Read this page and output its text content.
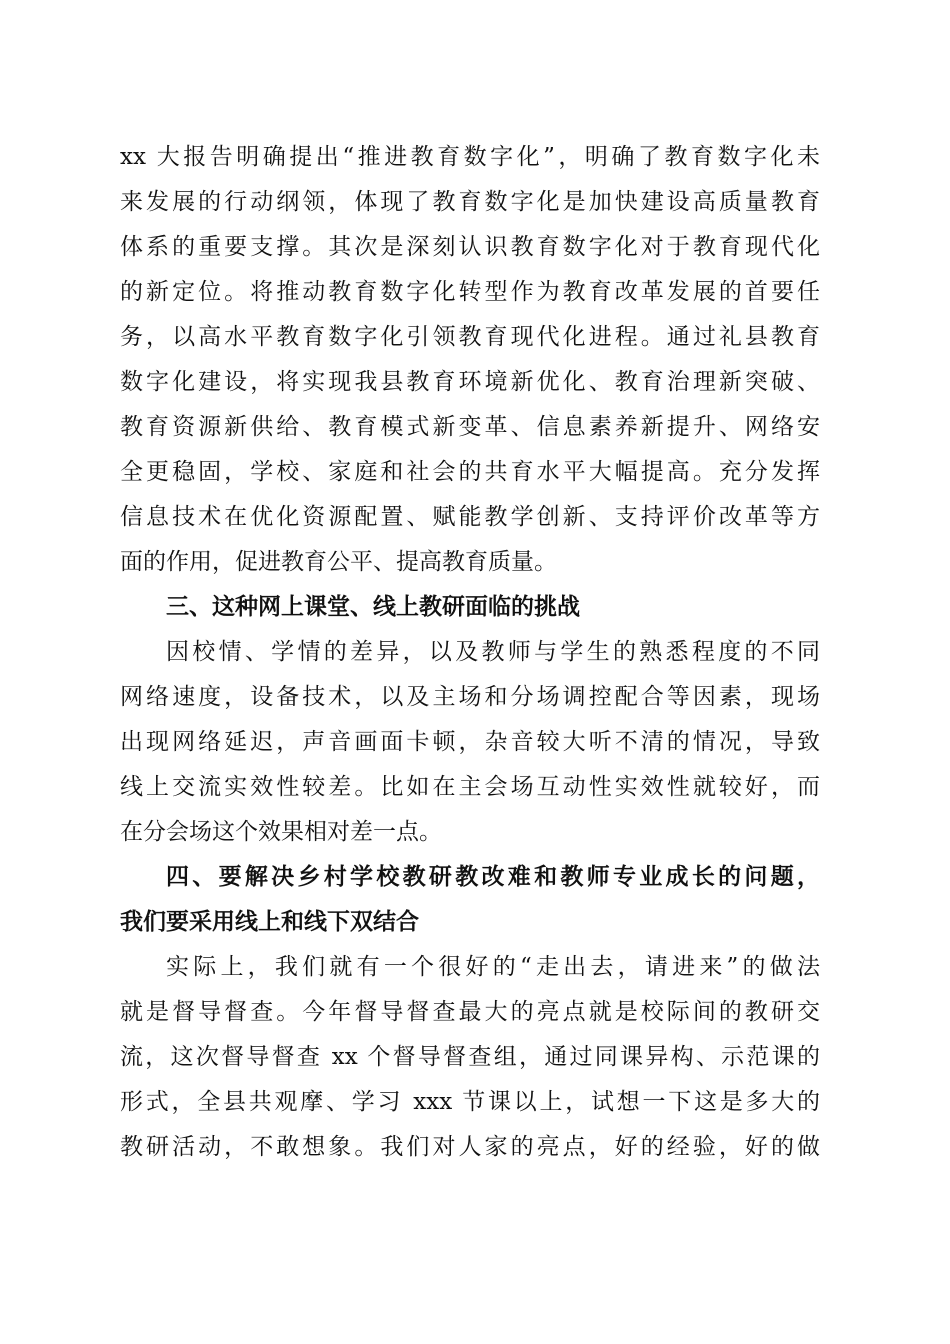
xx 大报告明确提出“推进教育数字化”，明确了教育数字化未
来发展的行动纲领，体现了教育数字化是加快建设高质量教育
体系的重要支撑。其次是深刻认识教育数字化对于教育现代化
的新定位。将推动教育数字化转型作为教育改革发展的首要任
务，以高水平教育数字化引领教育现代化进程。通过礼县教育
数字化建设，将实现我县教育环境新优化、教育治理新突破、
教育资源新供给、教育模式新变革、信息素养新提升、网络安
全更稳固，学校、家庭和社会的共育水平大幅提高。充分发挥
信息技术在优化资源配置、赋能教学创新、支持评价改革等方
面的作用，促进教育公平、提高教育质量。
三、这种网上课堂、线上教研面临的挑战
因校情、学情的差异，以及教师与学生的熟悉程度的不同
网络速度，设备技术，以及主场和分场调控配合等因素，现场
出现网络延迟，声音画面卡顿，杂音较大听不清的情况，导致
线上交流实效性较差。比如在主会场互动性实效性就较好，而
在分会场这个效果相对差一点。
四、要解决乡村学校教研教改难和教师专业成长的问题，
我们要采用线上和线下双结合
实际上，我们就有一个很好的“走出去，请进来”的做法
就是督导督查。今年督导督查最大的亮点就是校际间的教研交
流，这次督导督查 xx 个督导督查组，通过同课异构、示范课的
形式，全县共观摩、学习 xxx 节课以上，试想一下这是多大的
教研活动，不敢想象。我们对人家的亮点，好的经验，好的做
